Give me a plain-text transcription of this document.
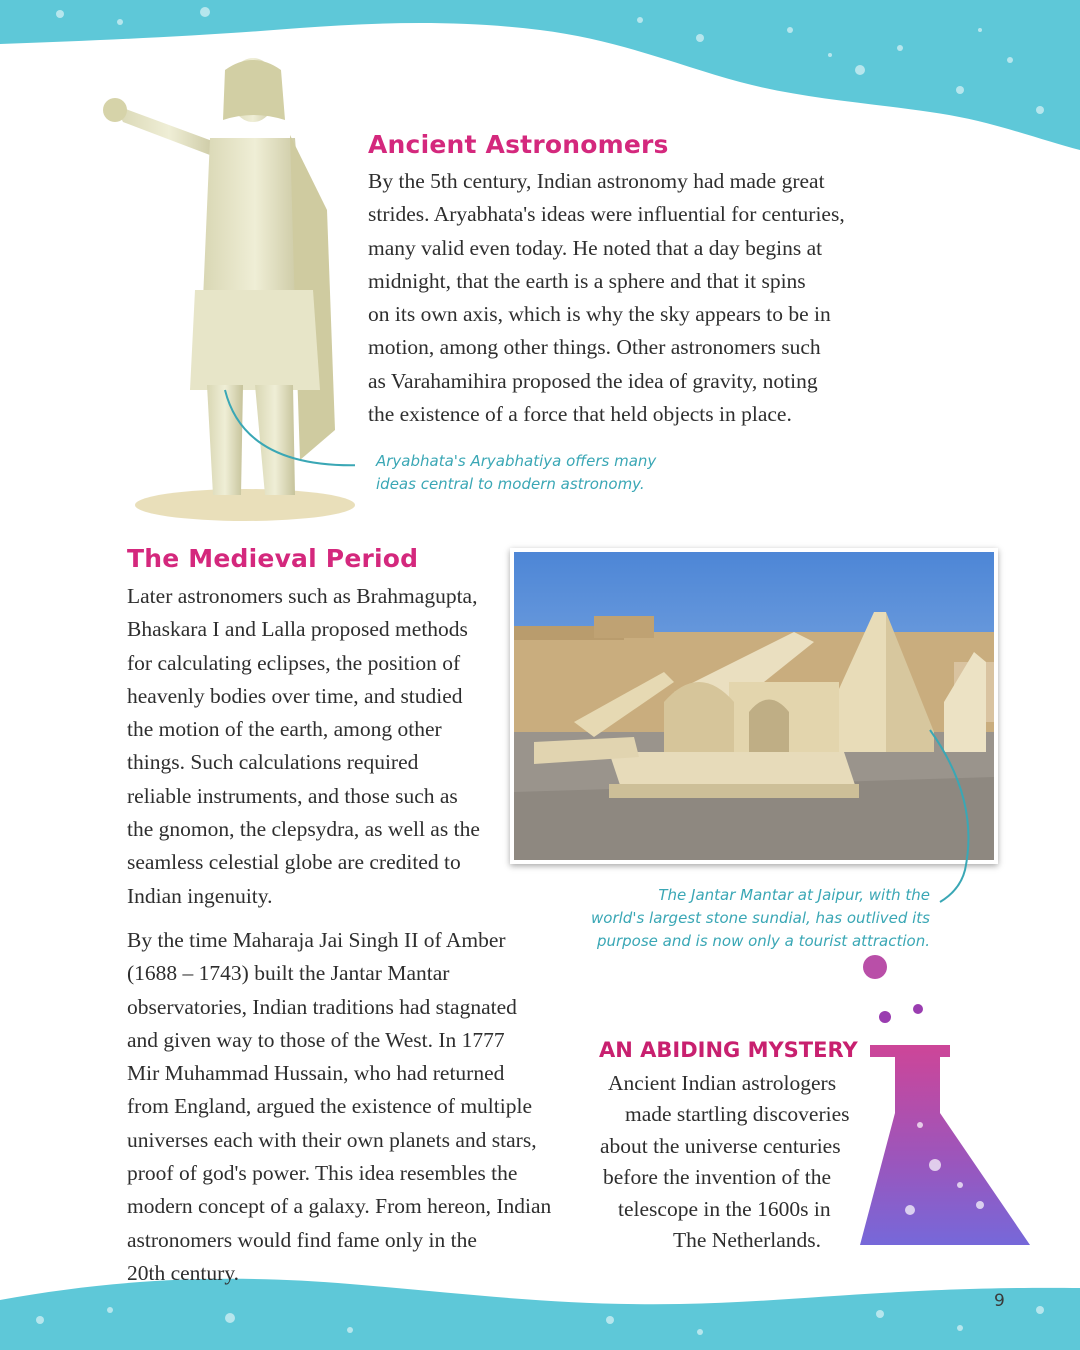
Ancient Astronomers

By the 5th century, Indian astronomy had made great

strides. Aryabhata's ideas were influential for centuries,

many valid even today. He noted that a day begins at

midnight, that the earth is a sphere and that it spins

on its own axis, which is why the sky appears to be in

motion, among other things. Other astronomers such

as Varahamihira proposed the idea of gravity, noting

the existence of a force that held objects in place.

Aryabhata's Aryabhatiya offers many
ideas central to modern astronomy.
The Medieval Period

Later astronomers such as Brahmagupta,

Bhaskara I and Lalla proposed methods

for calculating eclipses, the position of

heavenly bodies over time, and studied

the motion of the earth, among other

things. Such calculations required

reliable instruments, and those such as

the gnomon, the clepsydra, as well as the

seamless celestial globe are credited to

Indian ingenuity.

By the time Maharaja Jai Singh II of Amber

(1688 – 1743) built the Jantar Mantar

observatories, Indian traditions had stagnated

and given way to those of the West. In 1777

Mir Muhammad Hussain, who had returned

from England, argued the existence of multiple

universes each with their own planets and stars,

proof of god's power. This idea resembles the

modern concept of a galaxy. From hereon, Indian

astronomers would find fame only in the

20th century.

The Jantar Mantar at Jaipur, with the
world's largest stone sundial, has outlived its
purpose and is now only a tourist attraction.
AN ABIDING MYSTERY
Ancient Indian astrologers
made startling discoveries
about the universe centuries
before the invention of the
telescope in the 1600s in
The Netherlands.
9
